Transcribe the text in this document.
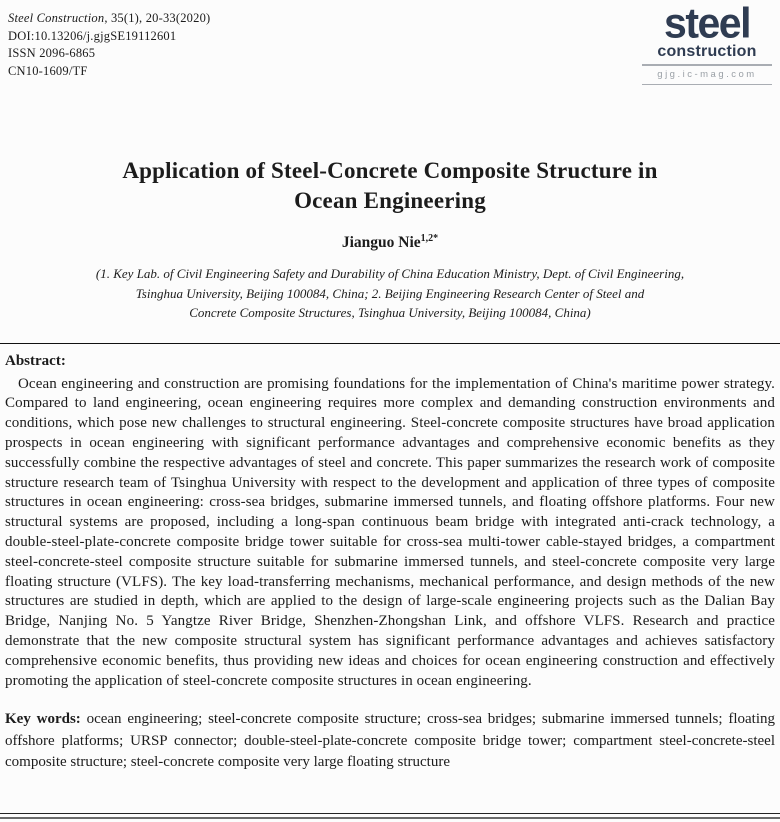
Steel Construction, 35(1), 20-33(2020)
DOI:10.13206/j.gjgSE19112601
ISSN 2096-6865
CN10-1609/TF
steel
construction
gjg.ic-mag.com
Application of Steel-Concrete Composite Structure in
Ocean Engineering
Jianguo Nie$^{1,2*}$
(1. Key Lab. of Civil Engineering Safety and Durability of China Education Ministry, Dept. of Civil Engineering,
Tsinghua University, Beijing 100084, China; 2. Beijing Engineering Research Center of Steel and
Concrete Composite Structures, Tsinghua University, Beijing 100084, China)
Abstract:

Ocean engineering and construction are promising foundations for the implementation of China's maritime power strategy. Compared to land engineering, ocean engineering requires more complex and demanding construction environments and conditions, which pose new challenges to structural engineering. Steel-concrete composite structures have broad application prospects in ocean engineering with significant performance advantages and comprehensive economic benefits as they successfully combine the respective advantages of steel and concrete. This paper summarizes the research work of composite structure research team of Tsinghua University with respect to the development and application of three types of composite structures in ocean engineering: cross-sea bridges, submarine immersed tunnels, and floating offshore platforms. Four new structural systems are proposed, including a long-span continuous beam bridge with integrated anti-crack technology, a double-steel-plate-concrete composite bridge tower suitable for cross-sea multi-tower cable-stayed bridges, a compartment steel-concrete-steel composite structure suitable for submarine immersed tunnels, and steel-concrete composite very large floating structure (VLFS). The key load-transferring mechanisms, mechanical performance, and design methods of the new structures are studied in depth, which are applied to the design of large-scale engineering projects such as the Dalian Bay Bridge, Nanjing No. 5 Yangtze River Bridge, Shenzhen-Zhongshan Link, and offshore VLFS. Research and practice demonstrate that the new composite structural system has significant performance advantages and achieves satisfactory comprehensive economic benefits, thus providing new ideas and choices for ocean engineering construction and effectively promoting the application of steel-concrete composite structures in ocean engineering.

Key words: ocean engineering; steel-concrete composite structure; cross-sea bridges; submarine immersed tunnels; floating offshore platforms; URSP connector; double-steel-plate-concrete composite bridge tower; compartment steel-concrete-steel composite structure; steel-concrete composite very large floating structure
